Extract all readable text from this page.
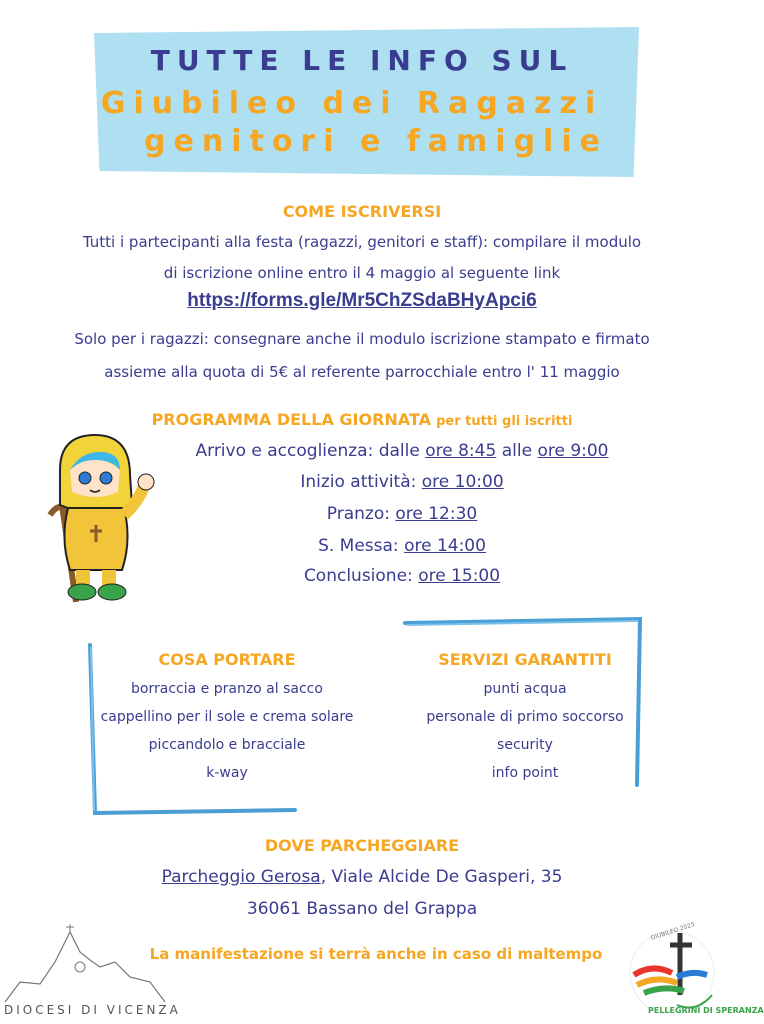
TUTTE LE INFO SUL
Giubileo dei Ragazzi
genitori e famiglie
COME ISCRIVERSI
Tutti i partecipanti alla festa (ragazzi, genitori e staff): compilare il modulo
di iscrizione online entro il 4 maggio al seguente link
https://forms.gle/Mr5ChZSdaBHyApci6
Solo per i ragazzi: consegnare anche il modulo iscrizione stampato e firmato
assieme alla quota di 5€ al referente parrocchiale entro l' 11 maggio
PROGRAMMA DELLA GIORNATA per tutti gli iscritti
Arrivo e accoglienza: dalle ore 8:45 alle ore 9:00
Inizio attività: ore 10:00
Pranzo: ore 12:30
S. Messa: ore 14:00
Conclusione: ore 15:00
COSA PORTARE
borraccia e pranzo al sacco
cappellino per il sole e crema solare
piccandolo e bracciale
k-way
SERVIZI GARANTITI
punti acqua
personale di primo soccorso
security
info point
DOVE PARCHEGGIARE
Parcheggio Gerosa, Viale Alcide De Gasperi, 35
36061 Bassano del Grappa
La manifestazione si terrà anche in caso di maltempo
DIOCESI DI VICENZA
GIUBILEO 2025
PELLEGRINI DI SPERANZA
